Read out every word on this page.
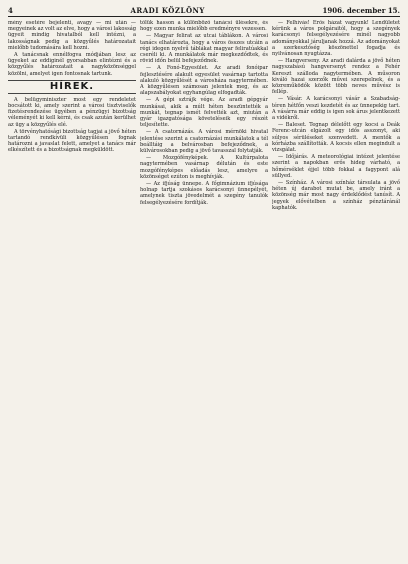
4	ARADI KÖZLÖNY	1906. december 15.

mény esetére bejelenti, avagy — mi után — megyeinek az volt az elve, hogy a városi lakosság ügyeit mindig hivatalból kell intézni, a lakosságnak pedig a közgyűlés határozatait mielőbb tudomására kell hozni.

A tanácsnak ennélfogva módjában lesz az ügyeket az eddiginél gyorsabban elintézni és a közgyűlés határozatait a nagyközönséggel közölni, amelyet igen fontosnak tartunk.

HÍREK.

A belügyminiszter most egy rendeletet bocsátott ki, amely szerint a városi tisztviselők fizetésrendezése ügyében a pénzügyi bizottság véleményét ki kell kérni, és csak azután kerülhet az ügy a közgyűlés elé.

A törvényhatósági bizottság tagjai a jövő héten tartandó rendkívüli közgyűlésen fognak határozni a javaslat felett, amelyet a tanács már elkészített és a bizottságnak megküldött.

tőlük hasson a különböző tanácsi ülésekre, és hogy ezen munka mielőbb eredményre vezessen.

— Magyar felirat az utcai táblákon. A városi tanács elhatározta, hogy a város összes utcáin a régi idegen nyelvű táblákat magyar feliratúakkal cseréli ki. A munkálatok már megkezdődtek, és rövid időn belül befejeződnek.

— A Fonó-Egyesület. Az aradi fonóipar fejlesztésére alakult egyesület vasárnap tartotta alakuló közgyűlését a városháza nagytermében. A közgyűlésen számosan jelentek meg, és az alapszabályokat egyhangúlag elfogadták.

— A gépi sztrájk vége. Az aradi gépgyár munkásai, akik a múlt héten beszüntették a munkát, tegnap ismét felvették azt, miután a gyár igazgatósága követeléseik egy részét teljesítette.

— A csatornázás. A városi mérnöki hivatal jelentése szerint a csatornázási munkálatok a tél beálltáig a belvárosban befejeződnek, a külvárosokban pedig a jövő tavasszal folytatják.

— Mozgófényképek. A Kultúrpalota nagytermében vasárnap délután és este mozgófényképes előadás lesz, amelyre a közönséget ezúton is meghívják.

— Az ifjúság ünnepe. A főgimnázium ifjúsága holnap tartja szokásos karácsonyi ünnepélyét, amelynek tiszta jövedelmét a szegény tanulók felsegélyezésére fordítják.

— Felhívás! Erős házat vagyunk! Lendületet kérünk a város polgáraitól, hogy a szegények karácsonyi felsegélyezésére minél nagyobb adományokkal járuljanak hozzá. Az adományokat a szerkesztőség köszönettel fogadja és nyilvánosan nyugtázza.

— Hangverseny. Az aradi dalárda a jövő héten nagyszabású hangversenyt rendez a Fehér Kereszt szálloda nagytermében. A műsoron kiváló hazai szerzők művei szerepelnek, és a közreműködők között több neves művész is fellép.

— Vásár. A karácsonyi vásár a Szabadság-téren hétfőn veszi kezdetét és az ünnepekig tart. A vásárra már eddig is igen sok árus jelentkezett a vidékről.

— Baleset. Tegnap délelőtt egy kocsi a Deák Ferenc-utcán elgázolt egy idős asszonyt, aki súlyos sérüléseket szenvedett. A mentők a kórházba szállították. A kocsis ellen megindult a vizsgálat.

— Időjárás. A meteorológiai intézet jelentése szerint a napokban erős hideg várható, a hőmérséklet éjjel több fokkal a fagypont alá süllyed.

— Színház. A városi színház társulata a jövő héten új darabot mutat be, amely iránt a közönség már most nagy érdeklődést tanúsít. A jegyek elővételben a színház pénztáránál kaphatók.
